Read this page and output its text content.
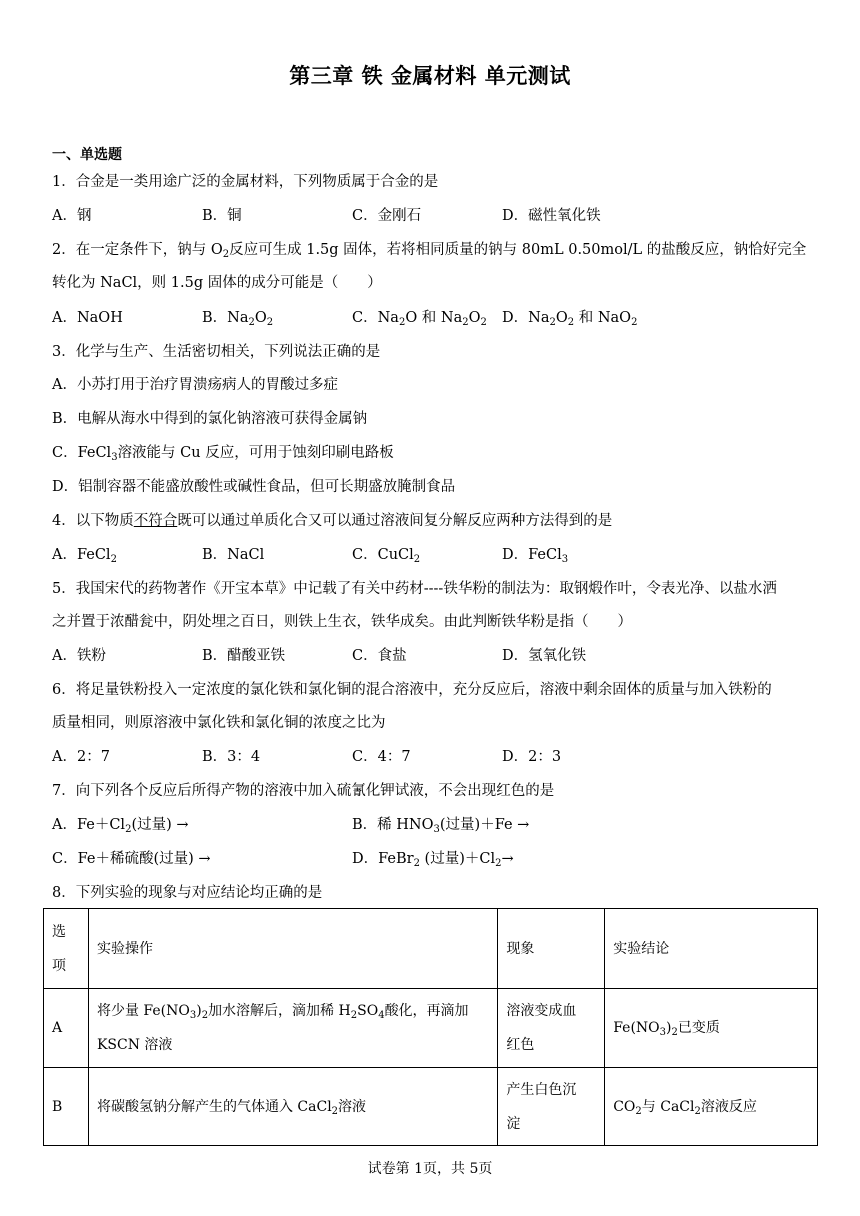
第三章 铁 金属材料 单元测试
一、单选题
1．合金是一类用途广泛的金属材料，下列物质属于合金的是
A．钢	B．铜	C．金刚石	D．磁性氧化铁
2．在一定条件下，钠与 $O_2$反应可生成 1.5g 固体，若将相同质量的钠与 80mL 0.50mol/L 的盐酸反应，钠恰好完全
转化为 NaCl，则 1.5g 固体的成分可能是（　　）
A．NaOH	B．$Na_2O_2$	C．$Na_2O$ 和 $Na_2O_2$ D．$Na_2O_2$ 和 NaO$_2$
3．化学与生产、生活密切相关，下列说法正确的是
A．小苏打用于治疗胃溃疡病人的胃酸过多症
B．电解从海水中得到的氯化钠溶液可获得金属钠
C．FeCl$_3$溶液能与 Cu 反应，可用于蚀刻印刷电路板
D．铝制容器不能盛放酸性或碱性食品，但可长期盛放腌制食品
4．以下物质不符合既可以通过单质化合又可以通过溶液间复分解反应两种方法得到的是
A．FeCl$_2$	B．NaCl	C．CuCl$_2$	D．FeCl$_3$
5．我国宋代的药物著作《开宝本草》中记载了有关中药材----铁华粉的制法为：取钢煅作叶，令表光净、以盐水洒
之并置于浓醋瓮中，阴处埋之百日，则铁上生衣，铁华成矣。由此判断铁华粉是指（　　）
A．铁粉	B．醋酸亚铁	C．食盐	D．氢氧化铁
6．将足量铁粉投入一定浓度的氯化铁和氯化铜的混合溶液中，充分反应后，溶液中剩余固体的质量与加入铁粉的
质量相同，则原溶液中氯化铁和氯化铜的浓度之比为
A．2：7	B．3：4	C．4：7	D．2：3
7．向下列各个反应后所得产物的溶液中加入硫氰化钾试液，不会出现红色的是
A．$Fe+Cl_2$(过量) →	B．稀 $HNO_3$(过量)＋Fe →
C．Fe＋稀硫酸(过量) →	D．FeBr$_2$ (过量)$+Cl_2\to$
8．下列实验的现象与对应结论均正确的是
选
项	实验操作	现象	实验结论
A	将少量 $Fe(NO_3)_2$加水溶解后，滴加稀 $H_2SO_4$酸化，再滴加
KSCN 溶液	溶液变成血
红色	$Fe(NO_3)_2$已变质
B	将碳酸氢钠分解产生的气体通入 CaCl$_2$溶液	产生白色沉
淀	$CO_2$与 CaCl$_2$溶液反应
试卷第 1页，共 5页
